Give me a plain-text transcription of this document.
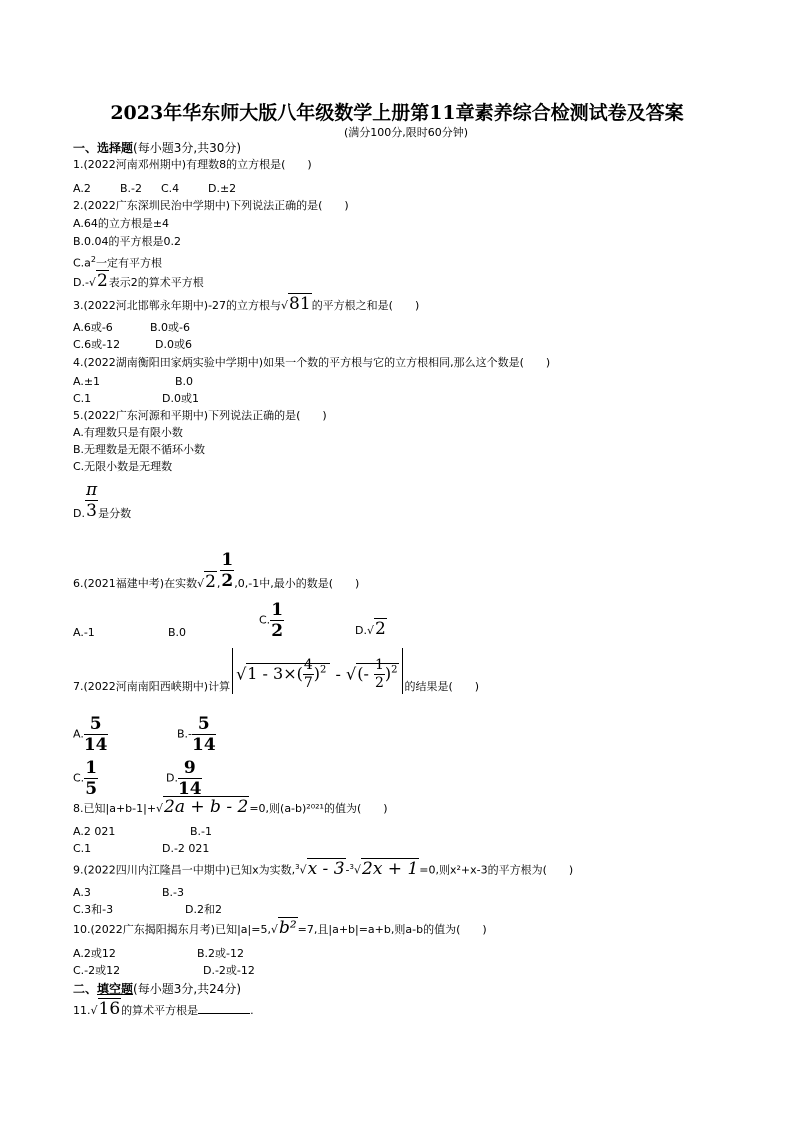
2023年华东师大版八年级数学上册第11章素养综合检测试卷及答案
(满分100分,限时60分钟)
一、选择题(每小题3分,共30分)
1.(2022河南邓州期中)有理数8的立方根是(　　)
A.2	B.-2 C.4	D.±2
2.(2022广东深圳民治中学期中)下列说法正确的是(　　)
A.64的立方根是±4
B.0.04的平方根是0.2
$C.a^2$一定有平方根
D.-√2表示2的算术平方根
3.(2022河北邯郸永年期中)-27的立方根与√81的平方根之和是(　　)
A.6或-6	B.0或-6
C.6或-12	D.0或6
4.(2022湖南衡阳田家炳实验中学期中)如果一个数的平方根与它的立方根相同,那么这个数是(　　)
A.±1	B.0
C.1	D.0或1
5.(2022广东河源和平期中)下列说法正确的是(　　)
A.有理数只是有限小数
B.无理数是无限不循环小数
C.无限小数是无理数
D. $\frac{\pi}{3}$ 是分数
6.(2021福建中考)在实数√2, $\frac{1}{2} ,0,-1$中,最小的数是(　　)
A.-1	B.0
C. $\frac{1}{2}$	D.√2
7.(2022河南南阳西峡期中)计算$√1 - 3\times( \frac{4}{7} )^2$ - √(- $\frac{1}{2} )^2$的结果是(　　)
A. $\frac{5}{14}$	$B.- \frac{5}{14}$
C. $\frac{1}{5}$	D. $\frac{9}{14}$
8.已知|a+b-1|+√2a + b - 2=0,则(a-b)²⁰²¹的值为(　　)
A.2 021	B.-1
C.1	D.-2 021
9.(2022四川内江隆昌一中期中)已知x为实数,$^3$√x - 3-$^3$√2x + 1=0,则x²+x-3的平方根为(　　)
A.3	B.-3
C.3和-3	D.2和2
10.(2022广东揭阳揭东月考)已知|a|=5,√b²=7,且|a+b|=a+b,则a-b的值为(　　)
A.2或12	B.2或-12
C.-2或12	D.-2或-12
二、填空题(每小题3分,共24分)
11.√16的算术平方根是	.
